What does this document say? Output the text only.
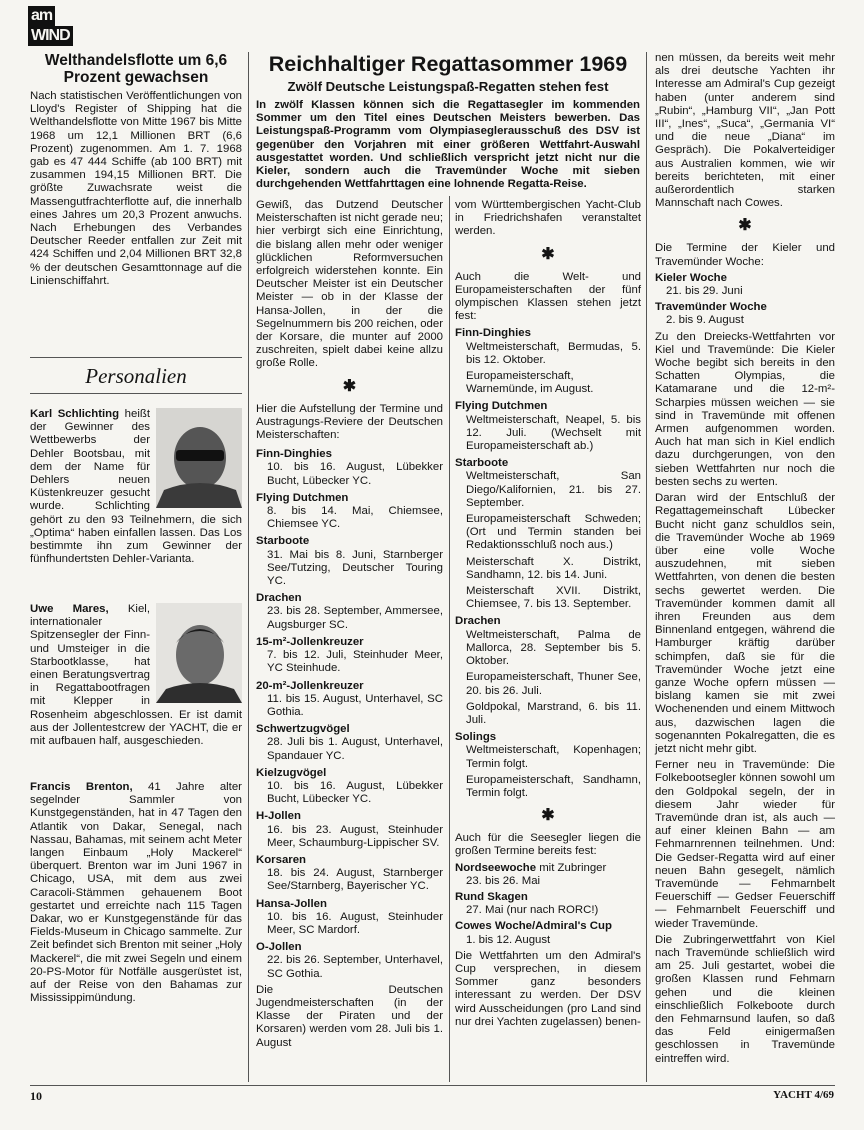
am
WIND

Welthandelsflotte um 6,6 Prozent gewachsen

Nach statistischen Veröffentlichungen von Lloyd's Register of Shipping hat die Welthandelsflotte von Mitte 1967 bis Mitte 1968 um 12,1 Millionen BRT (6,6 Prozent) zugenommen. Am 1. 7. 1968 gab es 47 444 Schiffe (ab 100 BRT) mit zusammen 194,15 Millionen BRT. Die größte Zuwachsrate weist die Massengutfrachterflotte auf, die innerhalb eines Jahres um 20,3 Prozent anwuchs. Nach Erhebungen des Verbandes Deutscher Reeder entfallen zur Zeit mit 424 Schiffen und 2,04 Millionen BRT 32,8 % der deutschen Gesamttonnage auf die Linienschiffahrt.

Personalien

Karl Schlichting heißt der Gewinner des Wettbewerbs der Dehler Bootsbau, mit dem der Name für Dehlers neuen Küstenkreuzer gesucht wurde. Schlichting gehört zu den 93 Teilnehmern, die sich „Optima“ haben einfallen lassen. Das Los bestimmte ihn zum Gewinner der fünfhundertsten Dehler-Varianta.

Uwe Mares, Kiel, internationaler Spitzensegler der Finn- und Umsteiger in die Starbootklasse, hat einen Beratungsvertrag in Regattabootfragen mit Klepper in Rosenheim abgeschlossen. Er ist damit aus der Jollentestcrew der YACHT, die er mit aufbauen half, ausgeschieden.

Francis Brenton, 41 Jahre alter segelnder Sammler von Kunstgegenständen, hat in 47 Tagen den Atlantik von Dakar, Senegal, nach Nassau, Bahamas, mit seinem acht Meter langen Einbaum „Holy Mackerel“ überquert. Brenton war im Juni 1967 in Chicago, USA, mit dem aus zwei Caracoli-Stämmen gehauenem Boot gestartet und erreichte nach 115 Tagen Dakar, wo er Kunstgegenstände für das Fields-Museum in Chicago sammelte. Zur Zeit befindet sich Brenton mit seiner „Holy Mackerel“, die mit zwei Segeln und einem 20-PS-Motor für Notfälle ausgerüstet ist, auf der Reise von den Bahamas zur Mississippimündung.

Reichhaltiger Regattasommer 1969
Zwölf Deutsche Leistungspaß-Regatten stehen fest
In zwölf Klassen können sich die Regattasegler im kommenden Sommer um den Titel eines Deutschen Meisters bewerben. Das Leistungspaß-Programm vom Olympiaseglerausschuß des DSV ist gegenüber den Vorjahren mit einer größeren Wettfahrt-Auswahl ausgestattet worden. Und schließlich verspricht jetzt nicht nur die Kieler, sondern auch die Travemünder Woche mit sieben durchgehenden Wettfahrttagen eine lohnende Regatta-Reise.

Gewiß, das Dutzend Deutscher Meisterschaften ist nicht gerade neu; hier verbirgt sich eine Einrichtung, die bislang allen mehr oder weniger glücklichen Reformversuchen erfolgreich widerstehen konnte. Ein Deutscher Meister ist ein Deutscher Meister — ob in der Klasse der Hansa-Jollen, in der die Segelnummern bis 200 reichen, oder der Korsare, die munter auf 2000 zuschreiten, spielt dabei keine allzu große Rolle.

✱

Hier die Aufstellung der Termine und Austragungs-Reviere der Deutschen Meisterschaften:

Finn-Dinghies

10. bis 16. August, Lübekker Bucht, Lübecker YC.

Flying Dutchmen

8. bis 14. Mai, Chiemsee, Chiemsee YC.

Starboote

31. Mai bis 8. Juni, Starnberger See/Tutzing, Deutscher Touring YC.

Drachen

23. bis 28. September, Ammersee, Augsburger SC.

15-m²-Jollenkreuzer

7. bis 12. Juli, Steinhuder Meer, YC Steinhude.

20-m²-Jollenkreuzer

11. bis 15. August, Unterhavel, SC Gothia.

Schwertzugvögel

28. Juli bis 1. August, Unterhavel, Spandauer YC.

Kielzugvögel

10. bis 16. August, Lübekker Bucht, Lübecker YC.

H-Jollen

16. bis 23. August, Steinhuder Meer, Schaumburg-Lippischer SV.

Korsaren

18. bis 24. August, Starnberger See/Starnberg, Bayerischer YC.

Hansa-Jollen

10. bis 16. August, Steinhuder Meer, SC Mardorf.

O-Jollen

22. bis 26. September, Unterhavel, SC Gothia.

Die Deutschen Jugendmeisterschaften (in der Klasse der Piraten und der Korsaren) werden vom 28. Juli bis 1. August

vom Württembergischen Yacht-Club in Friedrichshafen veranstaltet werden.

✱

Auch die Welt- und Europameisterschaften der fünf olympischen Klassen stehen jetzt fest:

Finn-Dinghies

Weltmeisterschaft, Bermudas, 5. bis 12. Oktober.

Europameisterschaft, Warnemünde, im August.

Flying Dutchmen

Weltmeisterschaft, Neapel, 5. bis 12. Juli. (Wechselt mit Europameisterschaft ab.)

Starboote

Weltmeisterschaft, San Diego/Kalifornien, 21. bis 27. September.

Europameisterschaft Schweden; (Ort und Termin standen bei Redaktionsschluß noch aus.)

Meisterschaft X. Distrikt, Sandhamn, 12. bis 14. Juni.

Meisterschaft XVII. Distrikt, Chiemsee, 7. bis 13. September.

Drachen

Weltmeisterschaft, Palma de Mallorca, 28. September bis 5. Oktober.

Europameisterschaft, Thuner See, 20. bis 26. Juli.

Goldpokal, Marstrand, 6. bis 11. Juli.

Solings

Weltmeisterschaft, Kopenhagen; Termin folgt.

Europameisterschaft, Sandhamn, Termin folgt.

✱

Auch für die Seesegler liegen die großen Termine bereits fest:

Nordseewoche mit Zubringer

23. bis 26. Mai

Rund Skagen

27. Mai (nur nach RORC!)

Cowes Woche/Admiral's Cup

1. bis 12. August

Die Wettfahrten um den Admiral's Cup versprechen, in diesem Sommer ganz besonders interessant zu werden. Der DSV wird Ausscheidungen (pro Land sind nur drei Yachten zugelassen) benen-

nen müssen, da bereits weit mehr als drei deutsche Yachten ihr Interesse am Admiral's Cup gezeigt haben (unter anderem sind „Rubin“, „Hamburg VII“, „Jan Pott III“, „Ines“, „Suca“, „Germania VI“ und die neue „Diana“ im Gespräch). Die Pokalverteidiger aus Australien kommen, wie wir bereits berichteten, mit einer außerordentlich starken Mannschaft nach Cowes.

✱

Die Termine der Kieler und Travemünder Woche:

Kieler Woche

21. bis 29. Juni

Travemünder Woche

2. bis 9. August

Zu den Dreiecks-Wettfahrten vor Kiel und Travemünde: Die Kieler Woche begibt sich bereits in den Schatten Olympias, die Katamarane und die 12-m²-Scharpies müssen weichen — sie sind in Travemünde mit offenen Armen aufgenommen worden. Auch hat man sich in Kiel endlich dazu durchgerungen, von den sieben Wettfahrten nur noch die besten sechs zu werten.

Daran wird der Entschluß der Regattagemeinschaft Lübecker Bucht nicht ganz schuldlos sein, die Travemünder Woche ab 1969 über eine volle Woche auszudehnen, mit sieben Wettfahrten, von denen die besten sechs gewertet werden. Die Travemünder kommen damit all ihren Freunden aus dem Binnenland entgegen, während die Hamburger kräftig darüber schimpfen, daß sie für die Travemünder Woche jetzt eine ganze Woche opfern müssen — bislang kamen sie mit zwei Wochenenden und einem Mittwoch aus, dazwischen lagen die sogenannten Pokalregatten, die es jetzt nicht mehr gibt.

Ferner neu in Travemünde: Die Folkebootsegler können sowohl um den Goldpokal segeln, der in diesem Jahr wieder für Travemünde dran ist, als auch — auf einer kleinen Bahn — am Fehmarnrennen teilnehmen. Und: Die Gedser-Regatta wird auf einer neuen Bahn gesegelt, nämlich Travemünde — Fehmarnbelt Feuerschiff — Gedser Feuerschiff — Fehmarnbelt Feuerschiff und wieder Travemünde.

Die Zubringerwettfahrt von Kiel nach Travemünde schließlich wird am 25. Juli gestartet, wobei die großen Klassen rund Fehmarn gehen und die kleinen einschließlich Folkeboote durch den Fehmarnsund laufen, so daß das Feld einigermaßen geschlossen in Travemünde eintreffen wird.

10	YACHT 4/69
